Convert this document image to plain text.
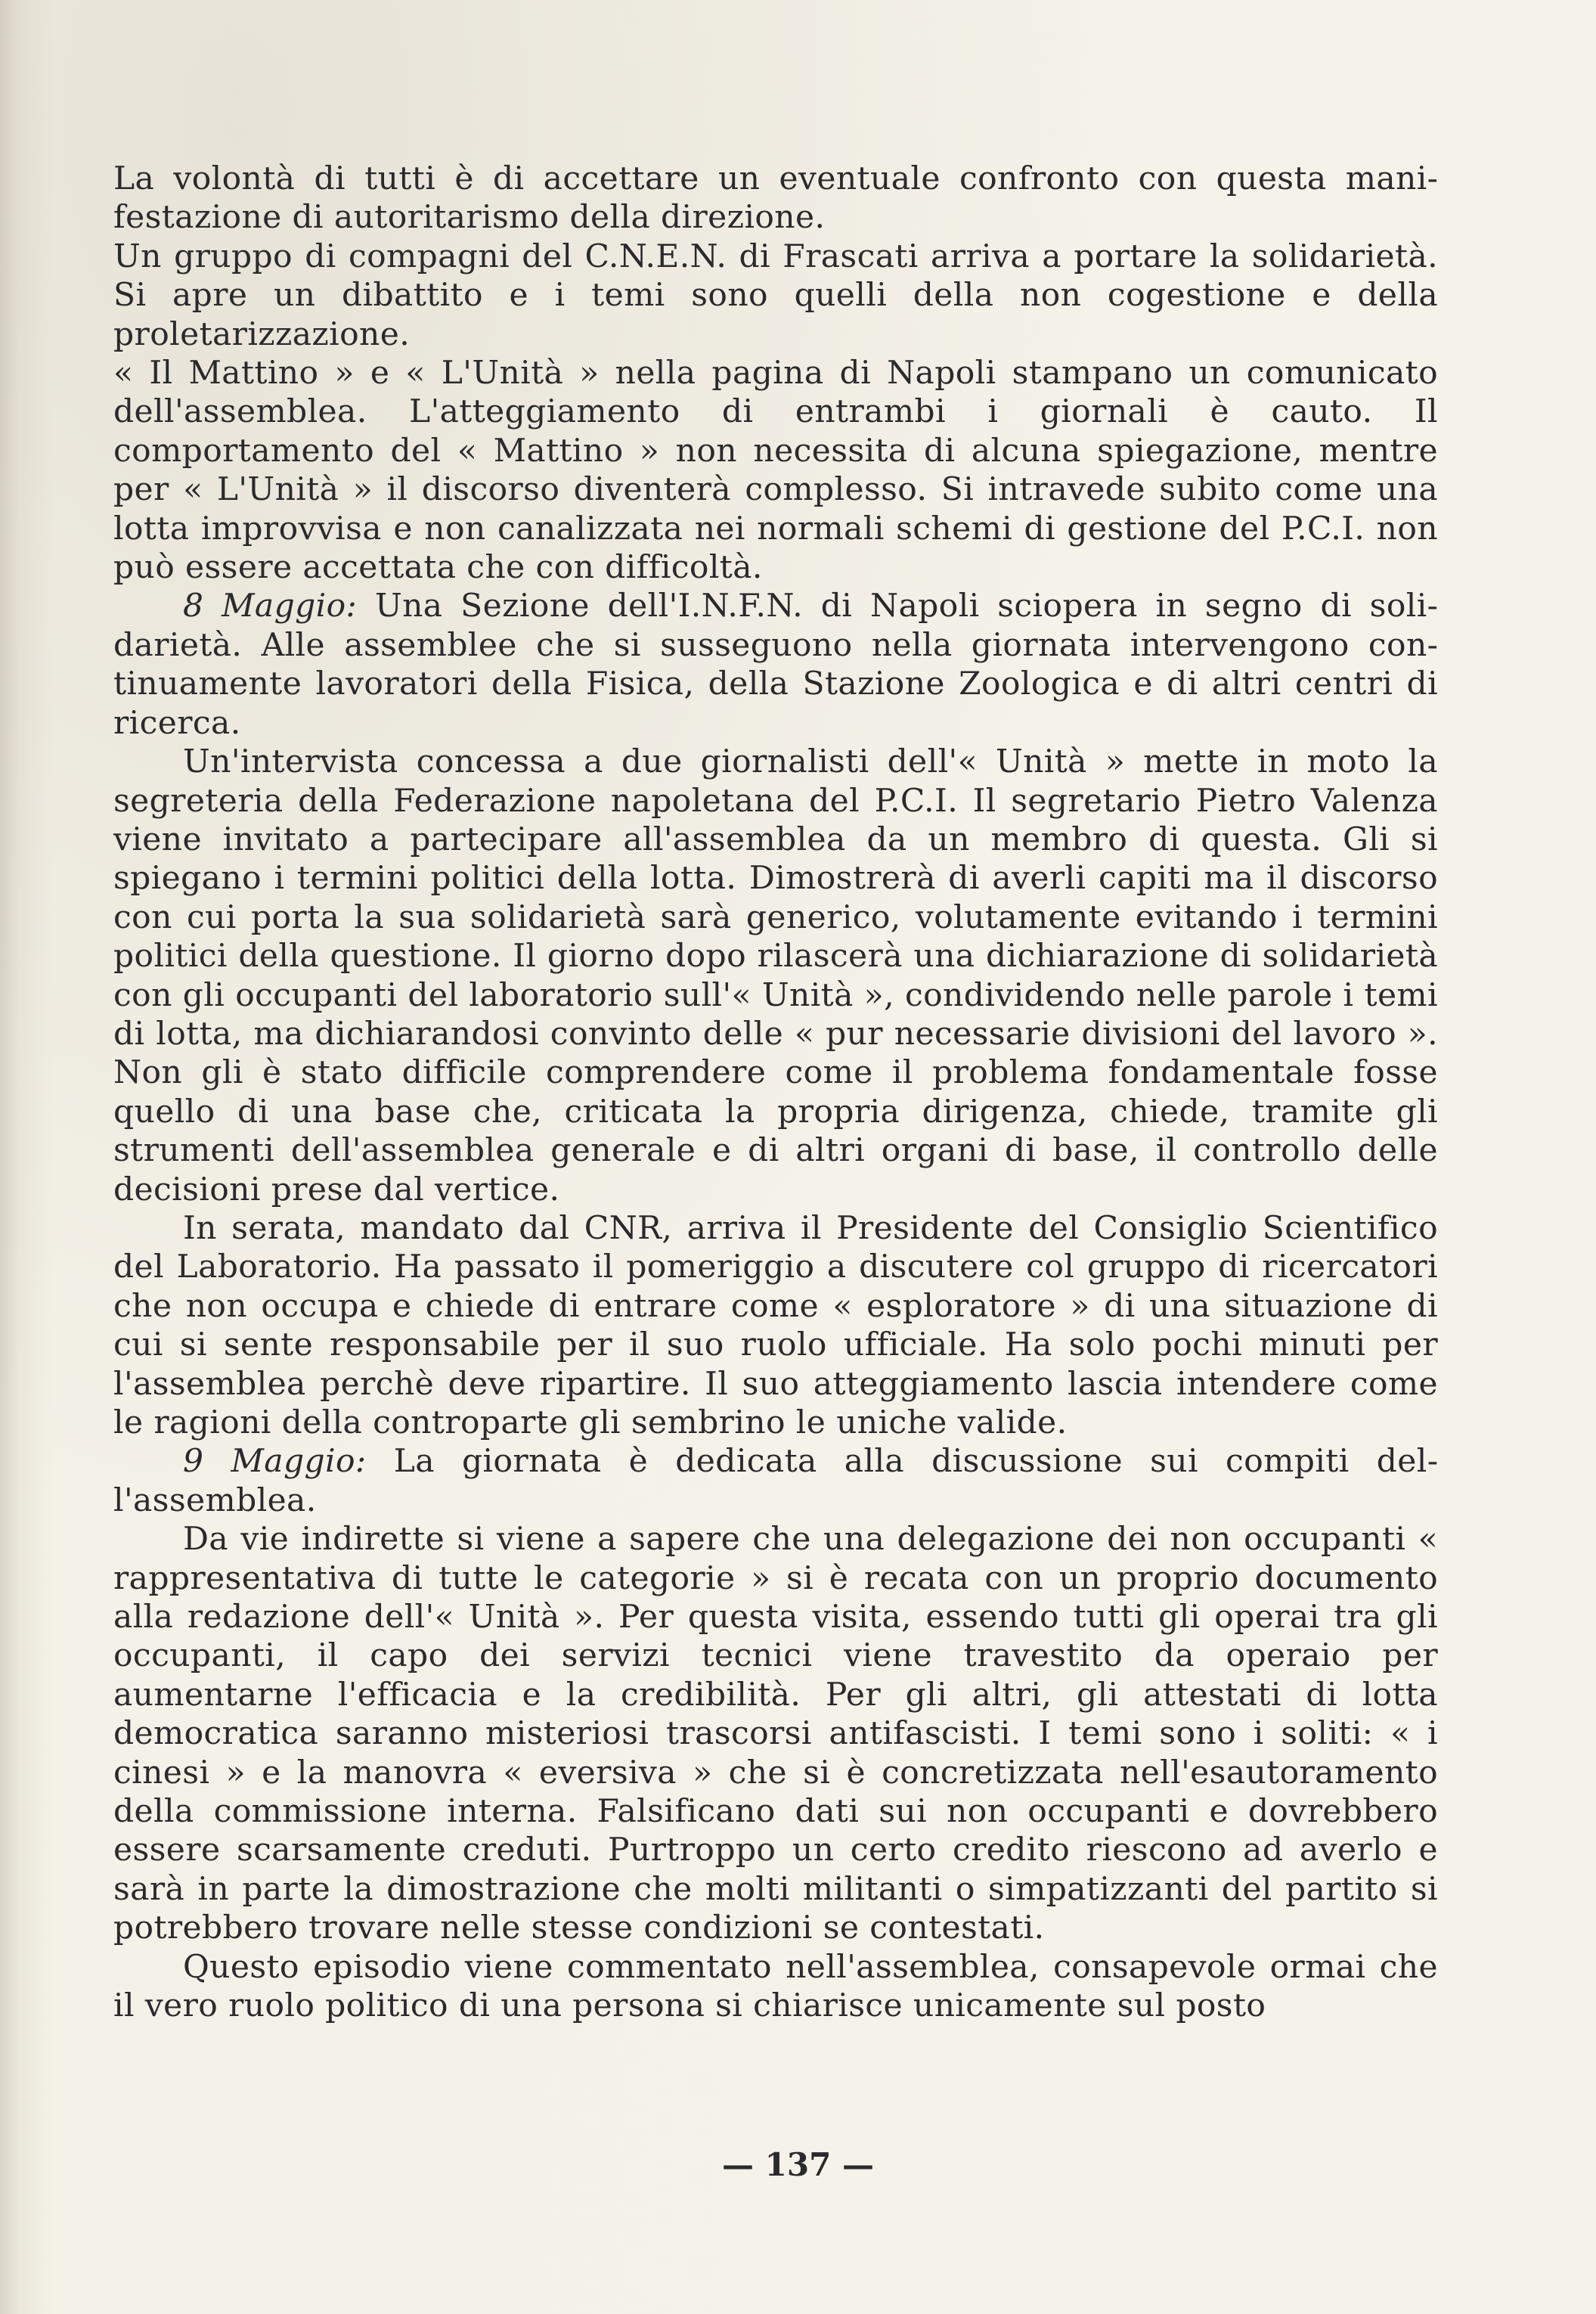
La volontà di tutti è di accettare un eventuale confronto con questa manifestazione di autoritarismo della direzione.

Un gruppo di compagni del C.N.E.N. di Frascati arriva a portare la solidarietà. Si apre un dibattito e i temi sono quelli della non cogestione e della proletarizzazione.

« Il Mattino » e « L'Unità » nella pagina di Napoli stampano un comunicato dell'assemblea. L'atteggiamento di entrambi i giornali è cauto. Il comportamento del « Mattino » non necessita di alcuna spiegazione, mentre per « L'Unità » il discorso diventerà complesso. Si intravede subito come una lotta improvvisa e non canalizzata nei normali schemi di gestione del P.C.I. non può essere accettata che con difficoltà.

8 Maggio: Una Sezione dell'I.N.F.N. di Napoli sciopera in segno di solidarietà. Alle assemblee che si susseguono nella giornata intervengono continuamente lavoratori della Fisica, della Stazione Zoologica e di altri centri di ricerca.

Un'intervista concessa a due giornalisti dell'« Unità » mette in moto la segreteria della Federazione napoletana del P.C.I. Il segretario Pietro Valenza viene invitato a partecipare all'assemblea da un membro di questa. Gli si spiegano i termini politici della lotta. Dimostrerà di averli capiti ma il discorso con cui porta la sua solidarietà sarà generico, volutamente evitando i termini politici della questione. Il giorno dopo rilascerà una dichiarazione di solidarietà con gli occupanti del laboratorio sull'« Unità », condividendo nelle parole i temi di lotta, ma dichiarandosi convinto delle « pur necessarie divisioni del lavoro ». Non gli è stato difficile comprendere come il problema fondamentale fosse quello di una base che, criticata la propria dirigenza, chiede, tramite gli strumenti dell'assemblea generale e di altri organi di base, il controllo delle decisioni prese dal vertice.

In serata, mandato dal CNR, arriva il Presidente del Consiglio Scientifico del Laboratorio. Ha passato il pomeriggio a discutere col gruppo di ricercatori che non occupa e chiede di entrare come « esploratore » di una situazione di cui si sente responsabile per il suo ruolo ufficiale. Ha solo pochi minuti per l'assemblea perchè deve ripartire. Il suo atteggiamento lascia intendere come le ragioni della controparte gli sembrino le uniche valide.

9 Maggio: La giornata è dedicata alla discussione sui compiti dell'assemblea.

Da vie indirette si viene a sapere che una delegazione dei non occupanti « rappresentativa di tutte le categorie » si è recata con un proprio documento alla redazione dell'« Unità ». Per questa visita, essendo tutti gli operai tra gli occupanti, il capo dei servizi tecnici viene travestito da operaio per aumentarne l'efficacia e la credibilità. Per gli altri, gli attestati di lotta democratica saranno misteriosi trascorsi antifascisti. I temi sono i soliti: « i cinesi » e la manovra « eversiva » che si è concretizzata nell'esautoramento della commissione interna. Falsificano dati sui non occupanti e dovrebbero essere scarsamente creduti. Purtroppo un certo credito riescono ad averlo e sarà in parte la dimostrazione che molti militanti o simpatizzanti del partito si potrebbero trovare nelle stesse condizioni se contestati.

Questo episodio viene commentato nell'assemblea, consapevole ormai che il vero ruolo politico di una persona si chiarisce unicamente sul posto

— 137 —
